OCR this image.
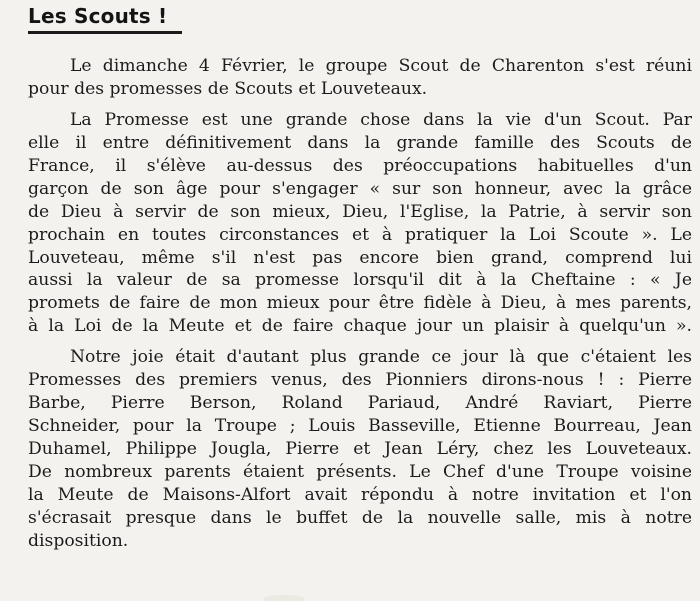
Les Scouts !
Le dimanche 4 Février, le groupe Scout de Charenton s'est réuni
pour des promesses de Scouts et Louveteaux.
La Promesse est une grande chose dans la vie d'un Scout. Par
elle il entre définitivement dans la grande famille des Scouts de
France, il s'élève au-dessus des préoccupations habituelles d'un
garçon de son âge pour s'engager « sur son honneur, avec la grâce
de Dieu à servir de son mieux, Dieu, l'Eglise, la Patrie, à servir son
prochain en toutes circonstances et à pratiquer la Loi Scoute ». Le
Louveteau, même s'il n'est pas encore bien grand, comprend lui
aussi la valeur de sa promesse lorsqu'il dit à la Cheftaine : « Je
promets de faire de mon mieux pour être fidèle à Dieu, à mes parents,
à la Loi de la Meute et de faire chaque jour un plaisir à quelqu'un ».
Notre joie était d'autant plus grande ce jour là que c'étaient les
Promesses des premiers venus, des Pionniers dirons-nous ! : Pierre
Barbe, Pierre Berson, Roland Pariaud, André Raviart, Pierre
Schneider, pour la Troupe ; Louis Basseville, Etienne Bourreau, Jean
Duhamel, Philippe Jougla, Pierre et Jean Léry, chez les Louveteaux.
De nombreux parents étaient présents. Le Chef d'une Troupe voisine
la Meute de Maisons-Alfort avait répondu à notre invitation et l'on
s'écrasait presque dans le buffet de la nouvelle salle, mis à notre
disposition.
